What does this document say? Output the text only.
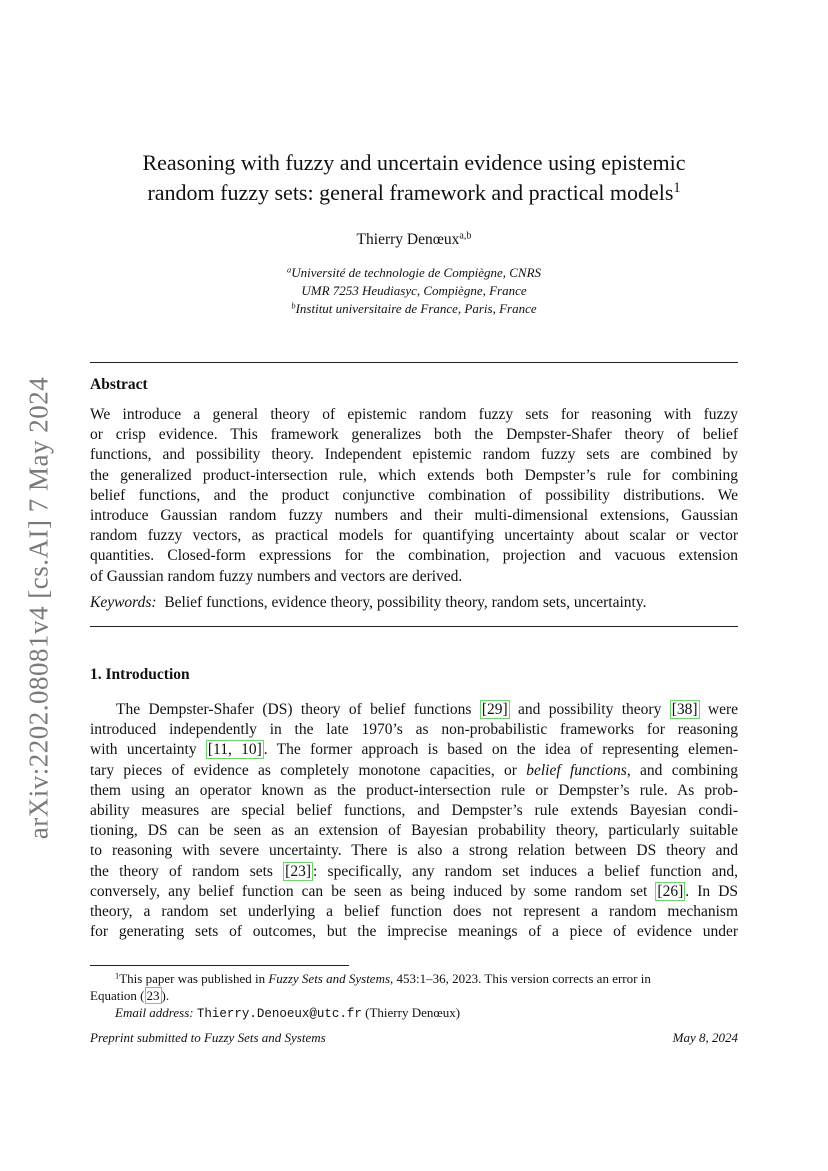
arXiv:2202.08081v4 [cs.AI] 7 May 2024
Reasoning with fuzzy and uncertain evidence using epistemic
random fuzzy sets: general framework and practical models$^1$
Thierry Denœux$^{a,b}$
$^a$Université de technologie de Compiègne, CNRS
UMR 7253 Heudiasyc, Compiègne, France
$^b$Institut universitaire de France, Paris, France
Abstract
We introduce a general theory of epistemic random fuzzy sets for reasoning with fuzzy
or crisp evidence. This framework generalizes both the Dempster-Shafer theory of belief
functions, and possibility theory. Independent epistemic random fuzzy sets are combined by
the generalized product-intersection rule, which extends both Dempster’s rule for combining
belief functions, and the product conjunctive combination of possibility distributions. We
introduce Gaussian random fuzzy numbers and their multi-dimensional extensions, Gaussian
random fuzzy vectors, as practical models for quantifying uncertainty about scalar or vector
quantities. Closed-form expressions for the combination, projection and vacuous extension
of Gaussian random fuzzy numbers and vectors are derived.
Keywords: Belief functions, evidence theory, possibility theory, random sets, uncertainty.
1. Introduction
The Dempster-Shafer (DS) theory of belief functions [29] and possibility theory [38] were
introduced independently in the late 1970’s as non-probabilistic frameworks for reasoning
with uncertainty [11, 10] . The former approach is based on the idea of representing elemen-
tary pieces of evidence as completely monotone capacities, or belief functions, and combining
them using an operator known as the product-intersection rule or Dempster’s rule. As prob-
ability measures are special belief functions, and Dempster’s rule extends Bayesian condi-
tioning, DS can be seen as an extension of Bayesian probability theory, particularly suitable
to reasoning with severe uncertainty. There is also a strong relation between DS theory and
the theory of random sets [23] : specifically, any random set induces a belief function and,
conversely, any belief function can be seen as being induced by some random set [26] . In DS
theory, a random set underlying a belief function does not represent a random mechanism
for generating sets of outcomes, but the imprecise meanings of a piece of evidence under
$^1$This paper was published in Fuzzy Sets and Systems, 453:1–36, 2023. This version corrects an error in
Equation ( 23 ).
Email address: Thierry.Denoeux@utc.fr (Thierry Denœux)
Preprint submitted to Fuzzy Sets and Systems	May 8, 2024
